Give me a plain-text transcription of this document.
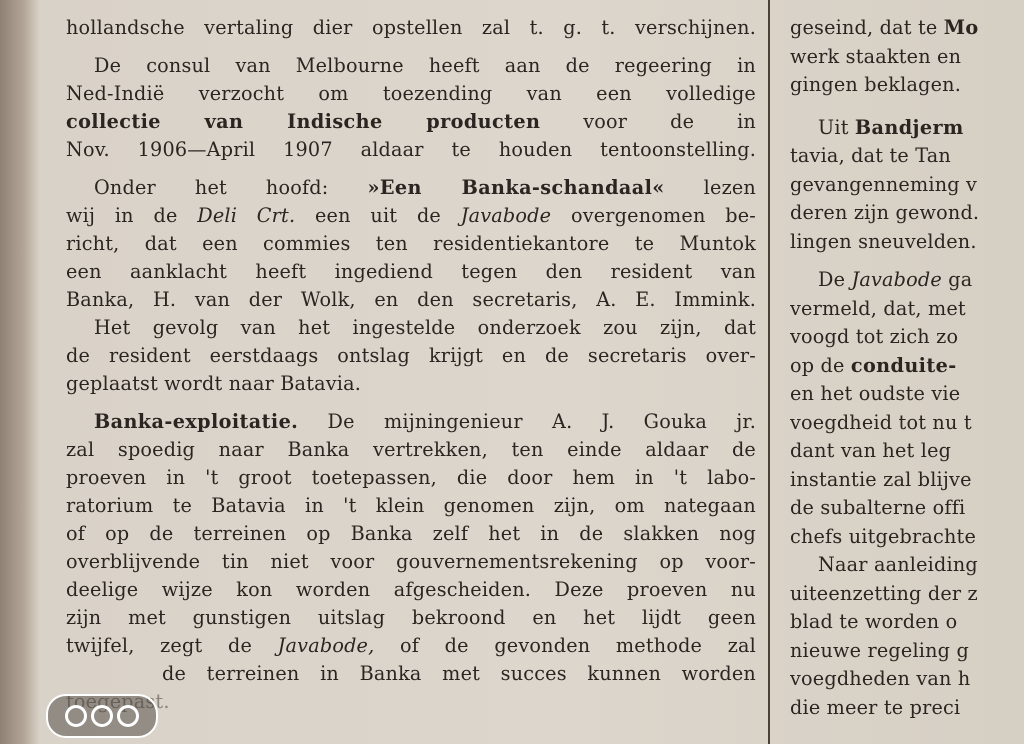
hollandsche vertaling dier opstellen zal t. g. t. verschijnen.
De consul van Melbourne heeft aan de regeering in
Ned-Indië verzocht om toezending van een volledige
collectie van Indische producten voor de in
Nov. 1906—April 1907 aldaar te houden tentoonstelling.
Onder het hoofd: »Een Banka-schandaal« lezen
wij in de Deli Crt. een uit de Javabode overgenomen be-
richt, dat een commies ten residentiekantore te Muntok
een aanklacht heeft ingediend tegen den resident van
Banka, H. van der Wolk, en den secretaris, A. E. Immink.
Het gevolg van het ingestelde onderzoek zou zijn, dat
de resident eerstdaags ontslag krijgt en de secretaris over-
geplaatst wordt naar Batavia.
Banka-exploitatie. De mijningenieur A. J. Gouka jr.
zal spoedig naar Banka vertrekken, ten einde aldaar de
proeven in 't groot toetepassen, die door hem in 't labo-
ratorium te Batavia in 't klein genomen zijn, om nategaan
of op de terreinen op Banka zelf het in de slakken nog
overblijvende tin niet voor gouvernementsrekening op voor-
deelige wijze kon worden afgescheiden. Deze proeven nu
zijn met gunstigen uitslag bekroond en het lijdt geen
twijfel, zegt de Javabode, of de gevonden methode zal
de terreinen in Banka met succes kunnen worden
toegepast.
geseind, dat te Mo
werk staakten en
gingen beklagen.
Uit Bandjerm
tavia, dat te Tan
gevangenneming v
deren zijn gewond.
lingen sneuvelden.
De Javabode ga
vermeld, dat, met
voogd tot zich zo
op de conduite-
en het oudste vie
voegdheid tot nu t
dant van het leg
instantie zal blijve
de subalterne offi
chefs uitgebrachte
Naar aanleiding
uiteenzetting der z
blad te worden o
nieuwe regeling g
voegdheden van h
die meer te preci
